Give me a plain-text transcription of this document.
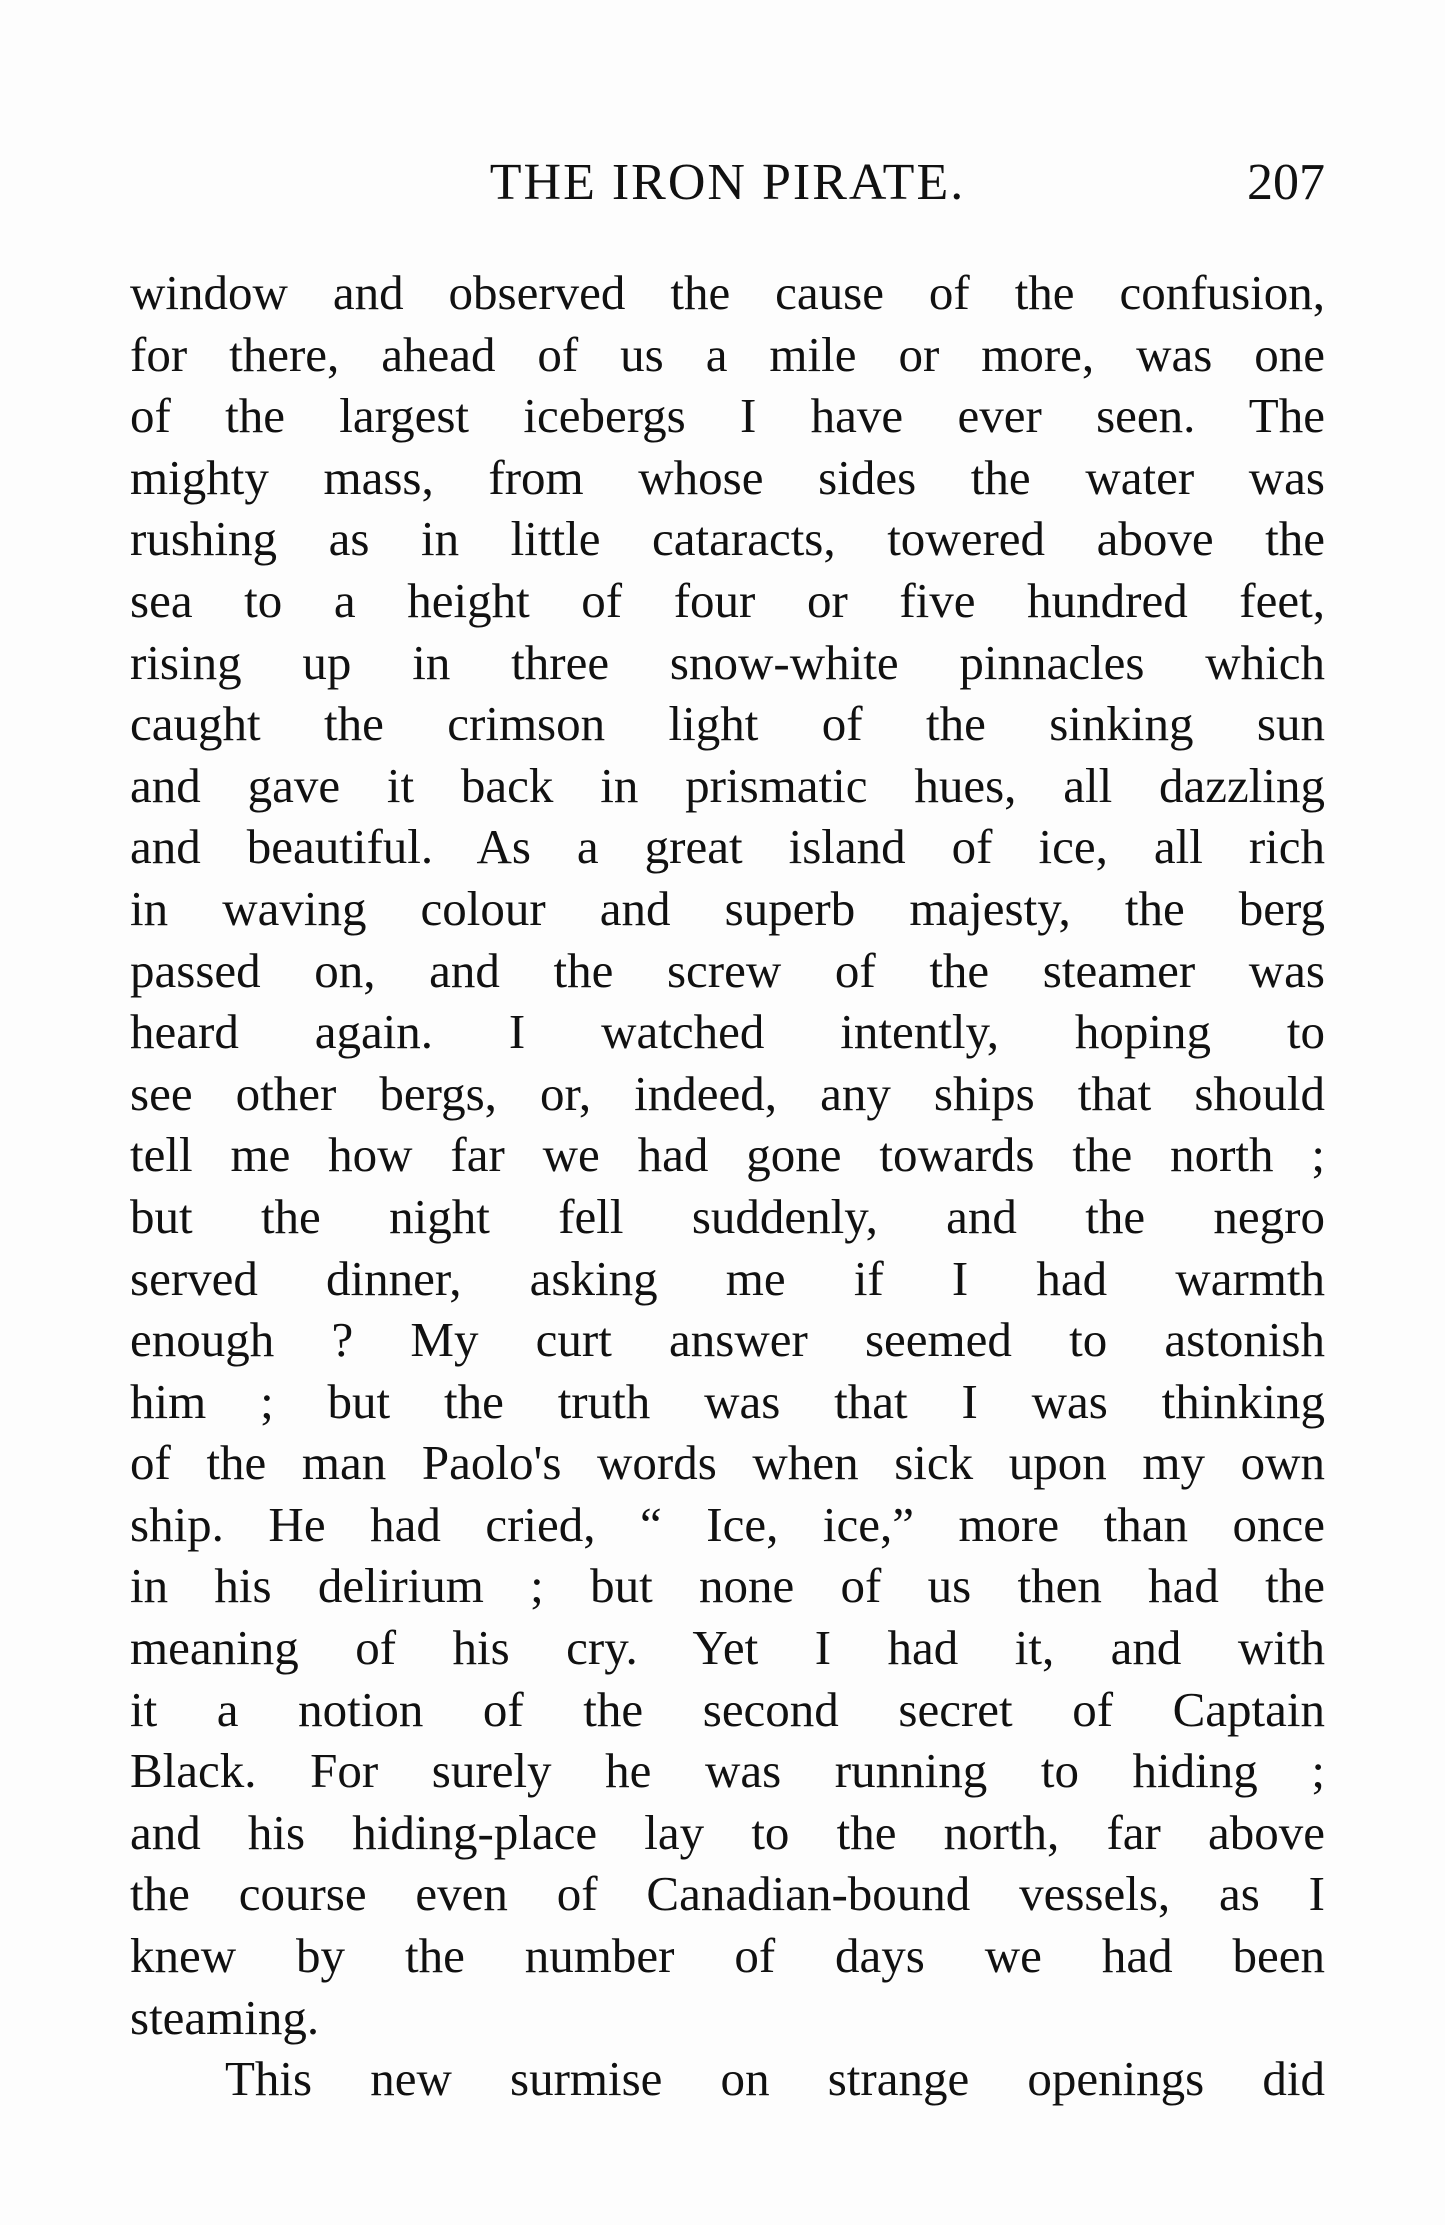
THE IRON PIRATE.	207
window and observed the cause of the confusion,
for there, ahead of us a mile or more, was one
of the largest icebergs I have ever seen. The
mighty mass, from whose sides the water was
rushing as in little cataracts, towered above the
sea to a height of four or five hundred feet,
rising up in three snow-white pinnacles which
caught the crimson light of the sinking sun
and gave it back in prismatic hues, all dazzling
and beautiful. As a great island of ice, all rich
in waving colour and superb majesty, the berg
passed on, and the screw of the steamer was
heard again. I watched intently, hoping to
see other bergs, or, indeed, any ships that should
tell me how far we had gone towards the north ;
but the night fell suddenly, and the negro
served dinner, asking me if I had warmth
enough ? My curt answer seemed to astonish
him ; but the truth was that I was thinking
of the man Paolo's words when sick upon my own
ship. He had cried, “ Ice, ice,” more than once
in his delirium ; but none of us then had the
meaning of his cry. Yet I had it, and with
it a notion of the second secret of Captain
Black. For surely he was running to hiding ;
and his hiding-place lay to the north, far above
the course even of Canadian-bound vessels, as I
knew by the number of days we had been
steaming.
This new surmise on strange openings did
